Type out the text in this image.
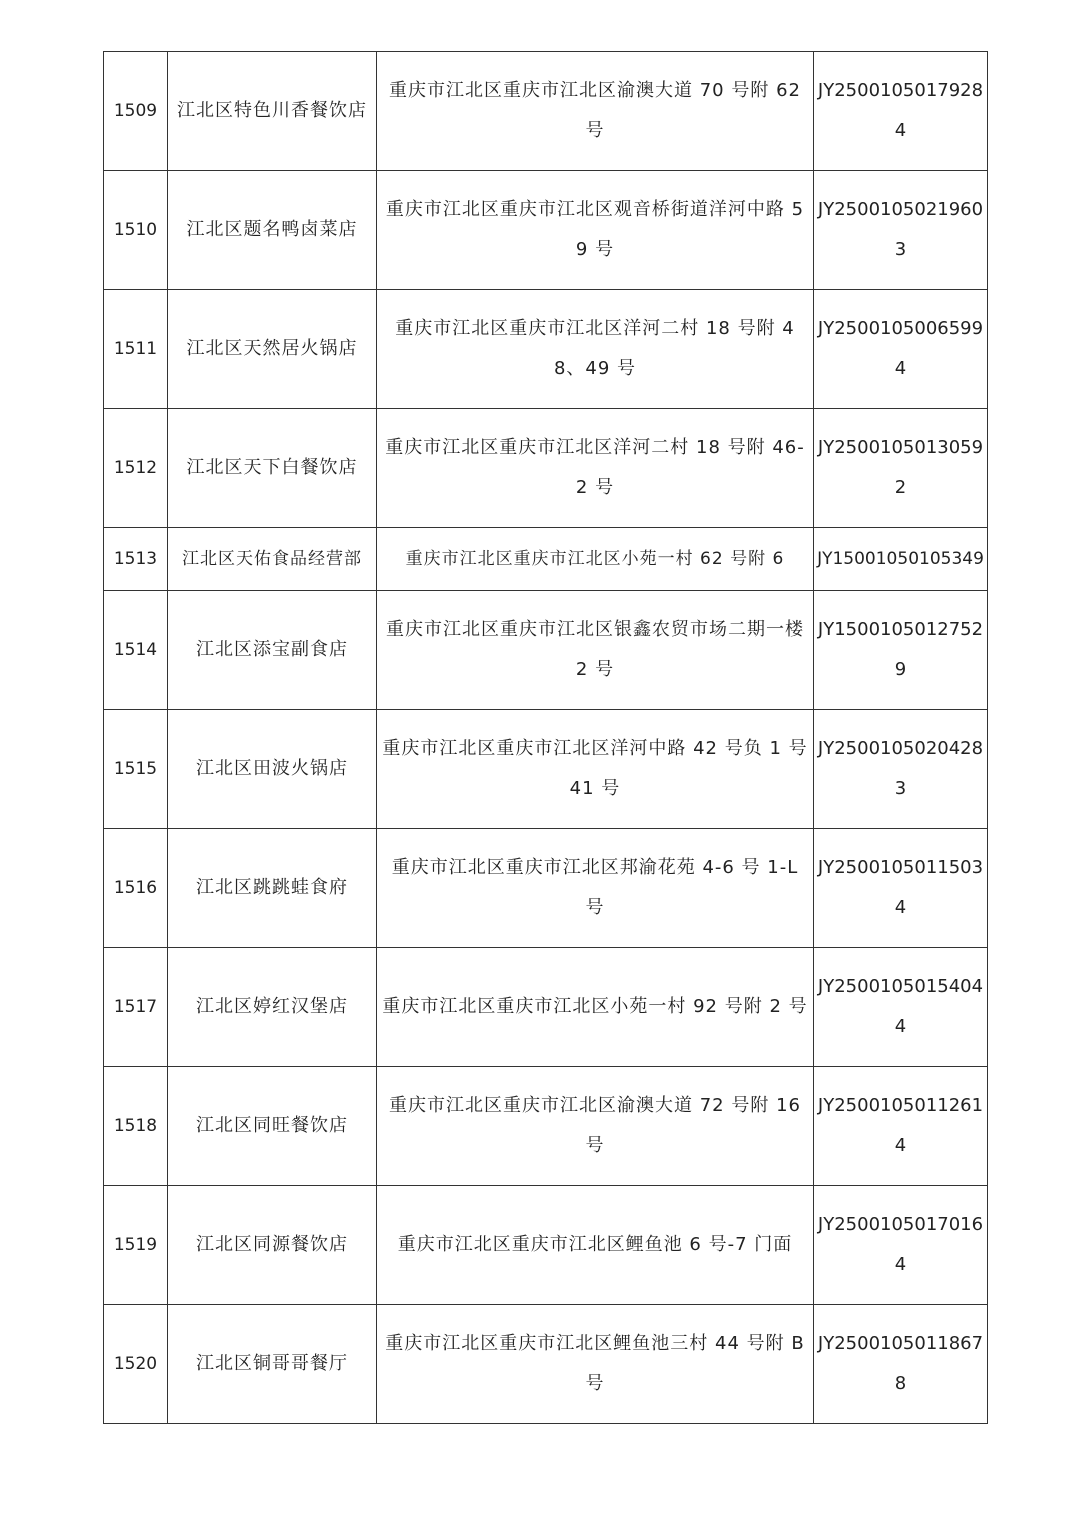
1509	江北区特色川香餐饮店	重庆市江北区重庆市江北区渝澳大道 70 号附 62 号	JY25001050179284
1510	江北区题名鸭卤菜店	重庆市江北区重庆市江北区观音桥街道洋河中路 59 号	JY25001050219603
1511	江北区天然居火锅店	重庆市江北区重庆市江北区洋河二村 18 号附 48、49 号	JY25001050065994
1512	江北区天下白餐饮店	重庆市江北区重庆市江北区洋河二村 18 号附 46-2 号	JY25001050130592
1513	江北区天佑食品经营部	重庆市江北区重庆市江北区小苑一村 62 号附 6	JY15001050105349
1514	江北区添宝副食店	重庆市江北区重庆市江北区银鑫农贸市场二期一楼 2 号	JY15001050127529
1515	江北区田波火锅店	重庆市江北区重庆市江北区洋河中路 42 号负 1 号 41 号	JY25001050204283
1516	江北区跳跳蛙食府	重庆市江北区重庆市江北区邦渝花苑 4-6 号 1-L 号	JY25001050115034
1517	江北区婷红汉堡店	重庆市江北区重庆市江北区小苑一村 92 号附 2 号	JY25001050154044
1518	江北区同旺餐饮店	重庆市江北区重庆市江北区渝澳大道 72 号附 16 号	JY25001050112614
1519	江北区同源餐饮店	重庆市江北区重庆市江北区鲤鱼池 6 号-7 门面	JY25001050170164
1520	江北区铜哥哥餐厅	重庆市江北区重庆市江北区鲤鱼池三村 44 号附 B 号	JY25001050118678
